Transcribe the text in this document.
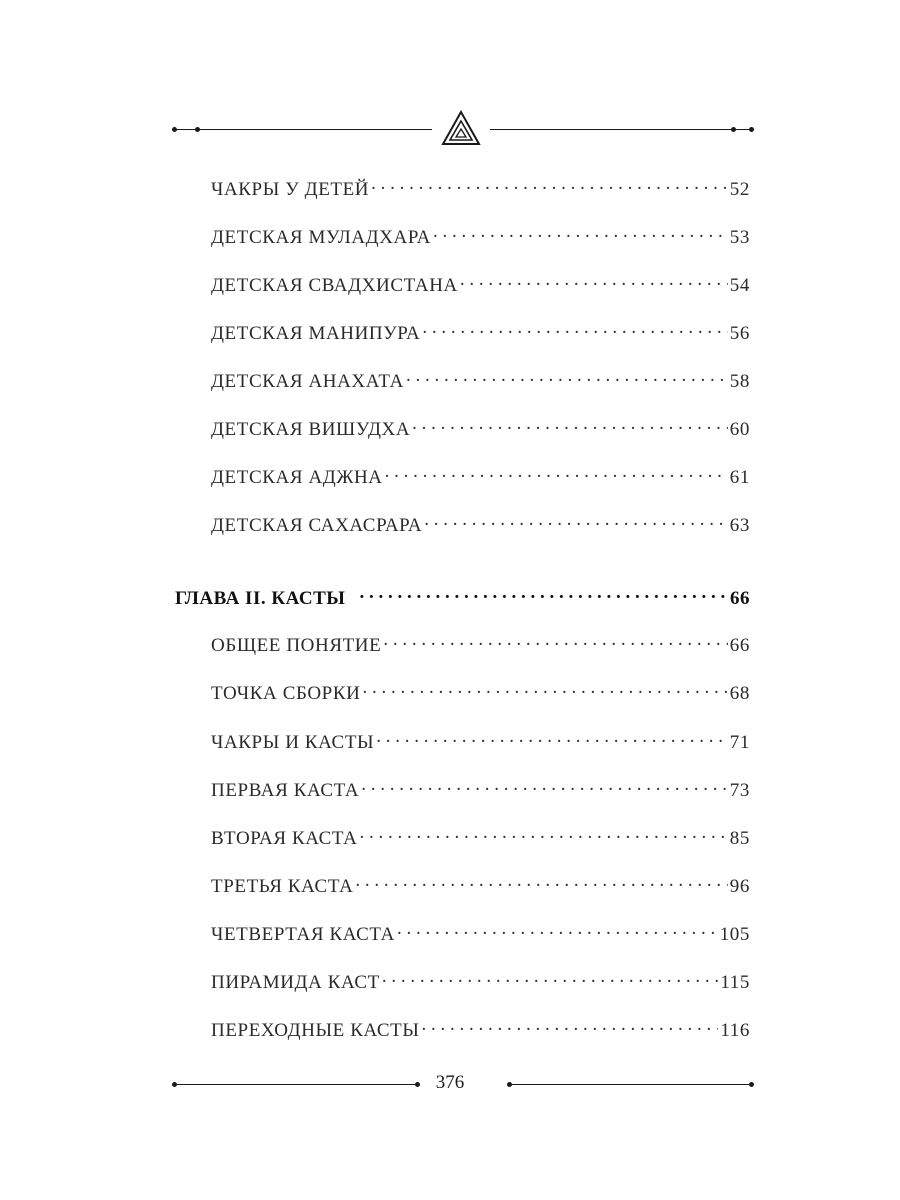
ЧАКРЫ У ДЕТЕЙ . . .	52
ДЕТСКАЯ МУЛАДХАРА . . .	53
ДЕТСКАЯ СВАДХИСТАНА . . .	54
ДЕТСКАЯ МАНИПУРА . . .	56
ДЕТСКАЯ АНАХАТА . . .	58
ДЕТСКАЯ ВИШУДХА . . .	60
ДЕТСКАЯ АДЖНА . . .	61
ДЕТСКАЯ САХАСРАРА . . .	63
ГЛАВА II. КАСТЫ . . .	66
ОБЩЕЕ ПОНЯТИЕ . . .	66
ТОЧКА СБОРКИ . . .	68
ЧАКРЫ И КАСТЫ . . .	71
ПЕРВАЯ КАСТА . . .	73
ВТОРАЯ КАСТА . . .	85
ТРЕТЬЯ КАСТА . . .	96
ЧЕТВЕРТАЯ КАСТА . . .	105
ПИРАМИДА КАСТ . . .	115
ПЕРЕХОДНЫЕ КАСТЫ . . .	116
376
